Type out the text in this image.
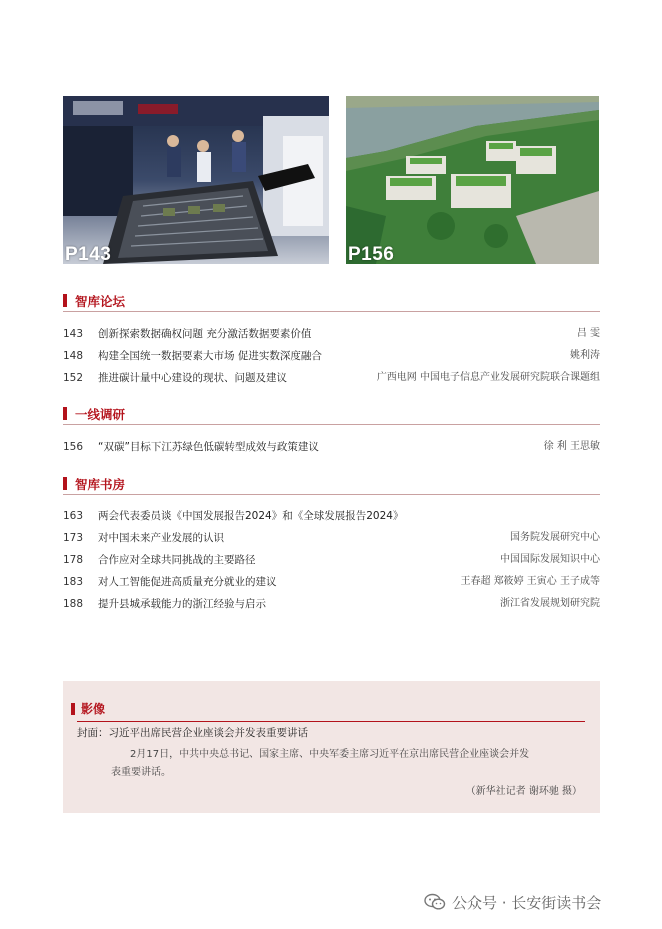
P143	P156
智库论坛
143 创新探索数据确权问题 充分激活数据要素价值	吕 雯
148 构建全国统一数据要素大市场 促进实数深度融合	姚利涛
152 推进碳计量中心建设的现状、问题及建议	广西电网 中国电子信息产业发展研究院联合课题组
一线调研
156 “双碳”目标下江苏绿色低碳转型成效与政策建议	徐 利 王思敏
智库书房
163 两会代表委员谈《中国发展报告2024》和《全球发展报告2024》
173 对中国未来产业发展的认识	国务院发展研究中心
178 合作应对全球共同挑战的主要路径	中国国际发展知识中心
183 对人工智能促进高质量充分就业的建议	王春超 郑筱婷 王寅心 王子成等
188 提升县城承载能力的浙江经验与启示	浙江省发展规划研究院
影像
封面：习近平出席民营企业座谈会并发表重要讲话
2月17日，中共中央总书记、国家主席、中央军委主席习近平在京出席民营企业座谈会并发
表重要讲话。
（新华社记者 谢环驰 摄）
公众号 · 长安街读书会
